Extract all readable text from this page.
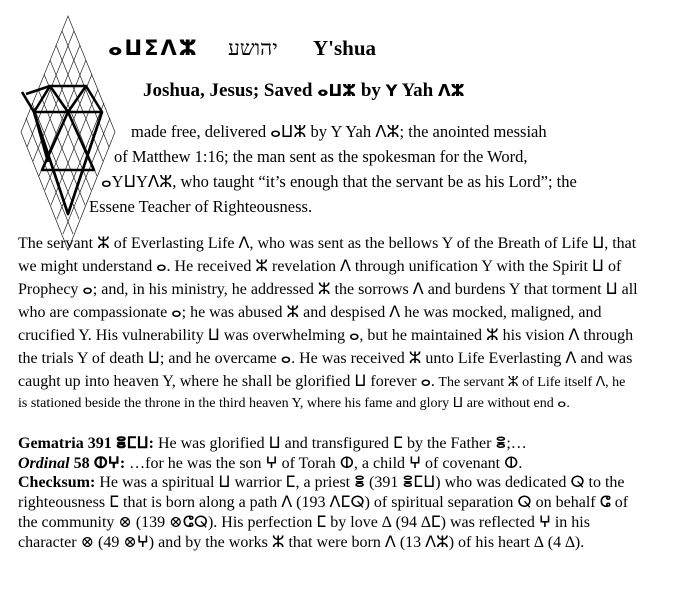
ⴰⵡⵉⴷⵣ יהושע Y'shua
Joshua, Jesus; Saved ⴰⵡⵣ by Y Yah ⴷⵣ
made free, delivered ⴰⵡⵣ by Y Yah ⴷⵣ; the anointed messiah
of Matthew 1:16; the man sent as the spokesman for the Word,
ⴰYⵡYⴷⵣ, who taught “it’s enough that the servant be as his Lord”; the
Essene Teacher of Righteousness.
The servant ⵣ of Everlasting Life ⴷ, who was sent as the bellows Y of the Breath of Life ⵡ, that
we might understand ⴰ. He received ⵣ revelation ⴷ through unification Y with the Spirit ⵡ of
Prophecy ⴰ; and, in his ministry, he addressed ⵣ the sorrows ⴷ and burdens Y that torment ⵡ all
who are compassionate ⴰ; he was abused ⵣ and despised ⴷ he was mocked, maligned, and
crucified Y. His vulnerability ⵡ was overwhelming ⴰ, but he maintained ⵣ his vision ⴷ through
the trials Y of death ⵡ; and he overcame ⴰ. He was received ⵣ unto Life Everlasting ⴷ and was
caught up into heaven Y, where he shall be glorified ⵡ forever ⴰ. The servant ⵣ of Life itself ⴷ, he
is stationed beside the throne in the third heaven Y, where his fame and glory ⵡ are without end ⴰ.
Gematria 391 ⴻⵎⵡ: He was glorified ⵡ and transfigured ⵎ by the Father ⴻ;…
Ordinal 58 ⵀⵖ: …for he was the son ⵖ of Torah ⵀ, a child ⵖ of covenant ⵀ.
Checksum: He was a spiritual ⵡ warrior ⵎ, a priest ⴻ (391 ⴻⵎⵡ) who was dedicated ⵕ to the
righteousness ⵎ that is born along a path ⴷ (193 ⴷⵎⵕ) of spiritual separation ⵕ on behalf ⵛ of
the community ⊗ (139 ⊗ⵛⵕ). His perfection ⵎ by love ∆ (94 ∆ⵎ) was reflected ⵖ in his
character ⊗ (49 ⊗ⵖ) and by the works ⵣ that were born ⴷ (13 ⴷⵣ) of his heart ∆ (4 ∆).
